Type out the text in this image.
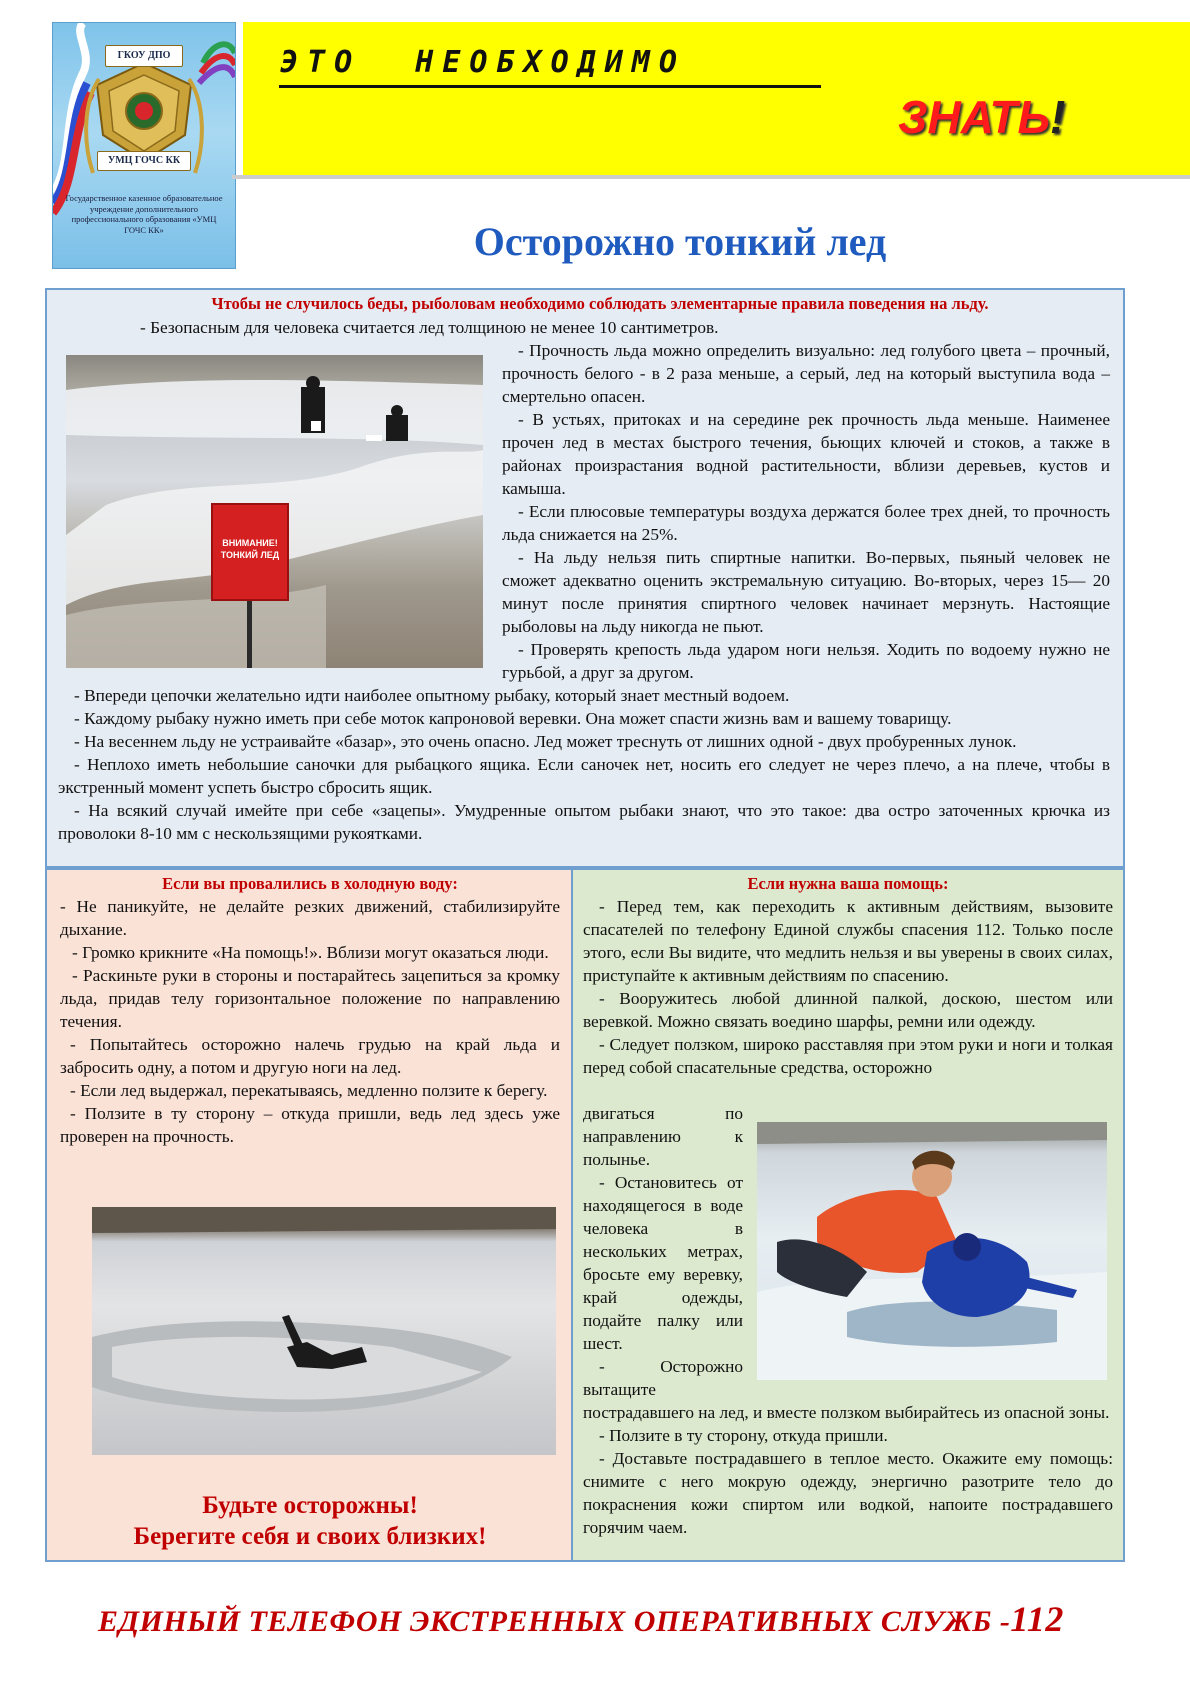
ГКОУ ДПО
УМЦ ГОЧС КК
Государственное казенное образовательное учреждение дополнительного профессионального образования «УМЦ ГОЧС КК»
ЭТО  НЕОБХОДИМО
ЗНАТЬ!
Осторожно тонкий лед
Чтобы не случилось беды, рыболовам необходимо соблюдать элементарные правила поведения на льду.
- Безопасным для человека считается лед толщиною не менее 10 сантиметров.
ВНИМАНИЕ! ТОНКИЙ ЛЕД
- Прочность льда можно определить визуально: лед голубого цвета – прочный, прочность белого - в 2 раза меньше, а серый, лед на который выступила вода – смертельно опасен.
- В устьях, притоках и на середине рек прочность льда меньше. Наименее прочен лед в местах быстрого течения, бьющих ключей и стоков, а также в районах произрастания водной растительности, вблизи деревьев, кустов и камыша.
- Если плюсовые температуры воздуха держатся более трех дней, то прочность льда снижается на 25%.
- На льду нельзя пить спиртные напитки. Во-первых, пьяный человек не сможет адекватно оценить экстремальную ситуацию. Во-вторых, через 15— 20 минут после принятия спиртного человек начинает мерзнуть. Настоящие рыболовы на льду никогда не пьют.
- Проверять крепость льда ударом ноги нельзя. Ходить по водоему нужно не гурьбой, а друг за другом.
- Впереди цепочки желательно идти наиболее опытному рыбаку, который знает местный водоем.
- Каждому рыбаку нужно иметь при себе моток капроновой веревки. Она может спасти жизнь вам и вашему товарищу.
- На весеннем льду не устраивайте «базар», это очень опасно. Лед может треснуть от лишних одной - двух пробуренных лунок.
- Неплохо иметь небольшие саночки для рыбацкого ящика. Если саночек нет, носить его следует не через плечо, а на плече, чтобы в экстренный момент успеть быстро сбросить ящик.
- На всякий случай имейте при себе «зацепы». Умудренные опытом рыбаки знают, что это такое: два остро заточенных крючка из проволоки 8-10 мм с нескользящими рукоятками.
Если вы провалились в холодную воду:
- Не паникуйте, не делайте резких движений, стабилизируйте дыхание.
- Громко крикните «На помощь!». Вблизи могут оказаться люди.
- Раскиньте руки в стороны и постарайтесь зацепиться за кромку льда, придав телу горизонтальное положение по направлению течения.
- Попытайтесь осторожно налечь грудью на край льда и забросить одну, а потом и другую ноги на лед.
- Если лед выдержал, перекатываясь, медленно ползите к берегу.
- Ползите в ту сторону – откуда пришли, ведь лед здесь уже проверен на прочность.
Будьте осторожны!
Берегите себя и своих близких!
Если нужна ваша помощь:
- Перед тем, как переходить к активным действиям, вызовите спасателей по телефону Единой службы спасения 112. Только после этого, если Вы видите, что медлить нельзя и вы уверены в своих силах, приступайте к активным действиям по спасению.
- Вооружитесь любой длинной палкой, доскою, шестом или веревкой. Можно связать воедино шарфы, ремни или одежду.
- Следует ползком, широко расставляя при этом руки и ноги и толкая перед собой спасательные средства, осторожно
двигаться по направлению к полынье.
- Остановитесь от находящегося в воде человека в нескольких метрах, бросьте ему веревку, край одежды, подайте палку или шест.
- Осторожно вытащите
пострадавшего на лед, и вместе ползком выбирайтесь из опасной зоны.
- Ползите в ту сторону, откуда пришли.
- Доставьте пострадавшего в теплое место. Окажите ему помощь: снимите с него мокрую одежду, энергично разотрите тело до покраснения кожи спиртом или водкой, напоите пострадавшего горячим чаем.
ЕДИНЫЙ ТЕЛЕФОН ЭКСТРЕННЫХ ОПЕРАТИВНЫХ СЛУЖБ -112
